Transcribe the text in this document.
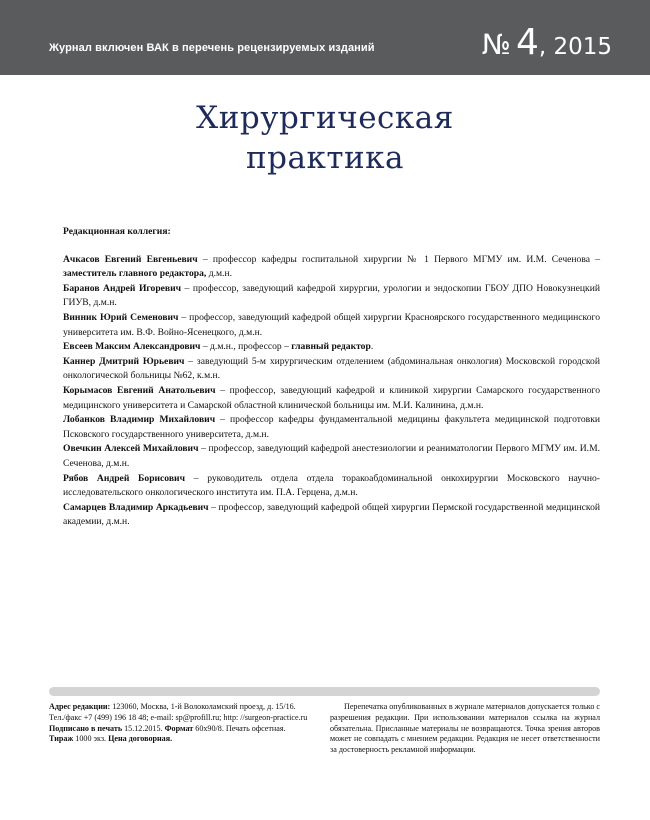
Журнал включен ВАК в перечень рецензируемых изданий	№ 4, 2015
Хирургическая
практика
Редакционная коллегия:

Ачкасов Евгений Евгеньевич – профессор кафедры госпитальной хирургии № 1 Первого МГМУ им. И.М. Сеченова – заместитель главного редактора, д.м.н.

Баранов Андрей Игоревич – профессор, заведующий кафедрой хирургии, урологии и эндоскопии ГБОУ ДПО Новокузнецкий ГИУВ, д.м.н.

Винник Юрий Семенович – профессор, заведующий кафедрой общей хирургии Красноярского государственного медицинского университета им. В.Ф. Войно-Ясенецкого, д.м.н.

Евсеев Максим Александрович – д.м.н., профессор – главный редактор.

Каннер Дмитрий Юрьевич – заведующий 5-м хирургическим отделением (абдоминальная онкология) Московской городской онкологической больницы №62, к.м.н.

Корымасов Евгений Анатольевич – профессор, заведующий кафедрой и клиникой хирургии Самарского государственного медицинского университета и Самарской областной клинической больницы им. М.И. Калинина, д.м.н.

Лобанков Владимир Михайлович – профессор кафедры фундаментальной медицины факультета медицинской подготовки Псковского государственного университета, д.м.н.

Овечкин Алексей Михайлович – профессор, заведующий кафедрой анестезиологии и реаниматологии Первого МГМУ им. И.М. Сеченова, д.м.н.

Рябов Андрей Борисович – руководитель отдела отдела торакоабдоминальной онкохирургии Московского научно-исследовательского онкологического института им. П.А. Герцена, д.м.н.

Самарцев Владимир Аркадьевич – профессор, заведующий кафедрой общей хирургии Пермской государственной медицинской академии, д.м.н.

Адрес редакции: 123060, Москва, 1-й Волоколамский проезд, д. 15/16. Тел./факс +7 (499) 196 18 48; e-mail: sp@profill.ru; http: //surgeon-practice.ru
Подписано в печать 15.12.2015. Формат 60х90/8. Печать офсетная.
Тираж 1000 экз. Цена договорная.
Перепечатка опубликованных в журнале материалов допускается только с разрешения редакции. При использовании материалов ссылка на журнал обязательна. Присланные материалы не возвращаются. Точка зрения авторов может не совпадать с мнением редакции. Редакция не несет ответственности за достоверность рекламной информации.
